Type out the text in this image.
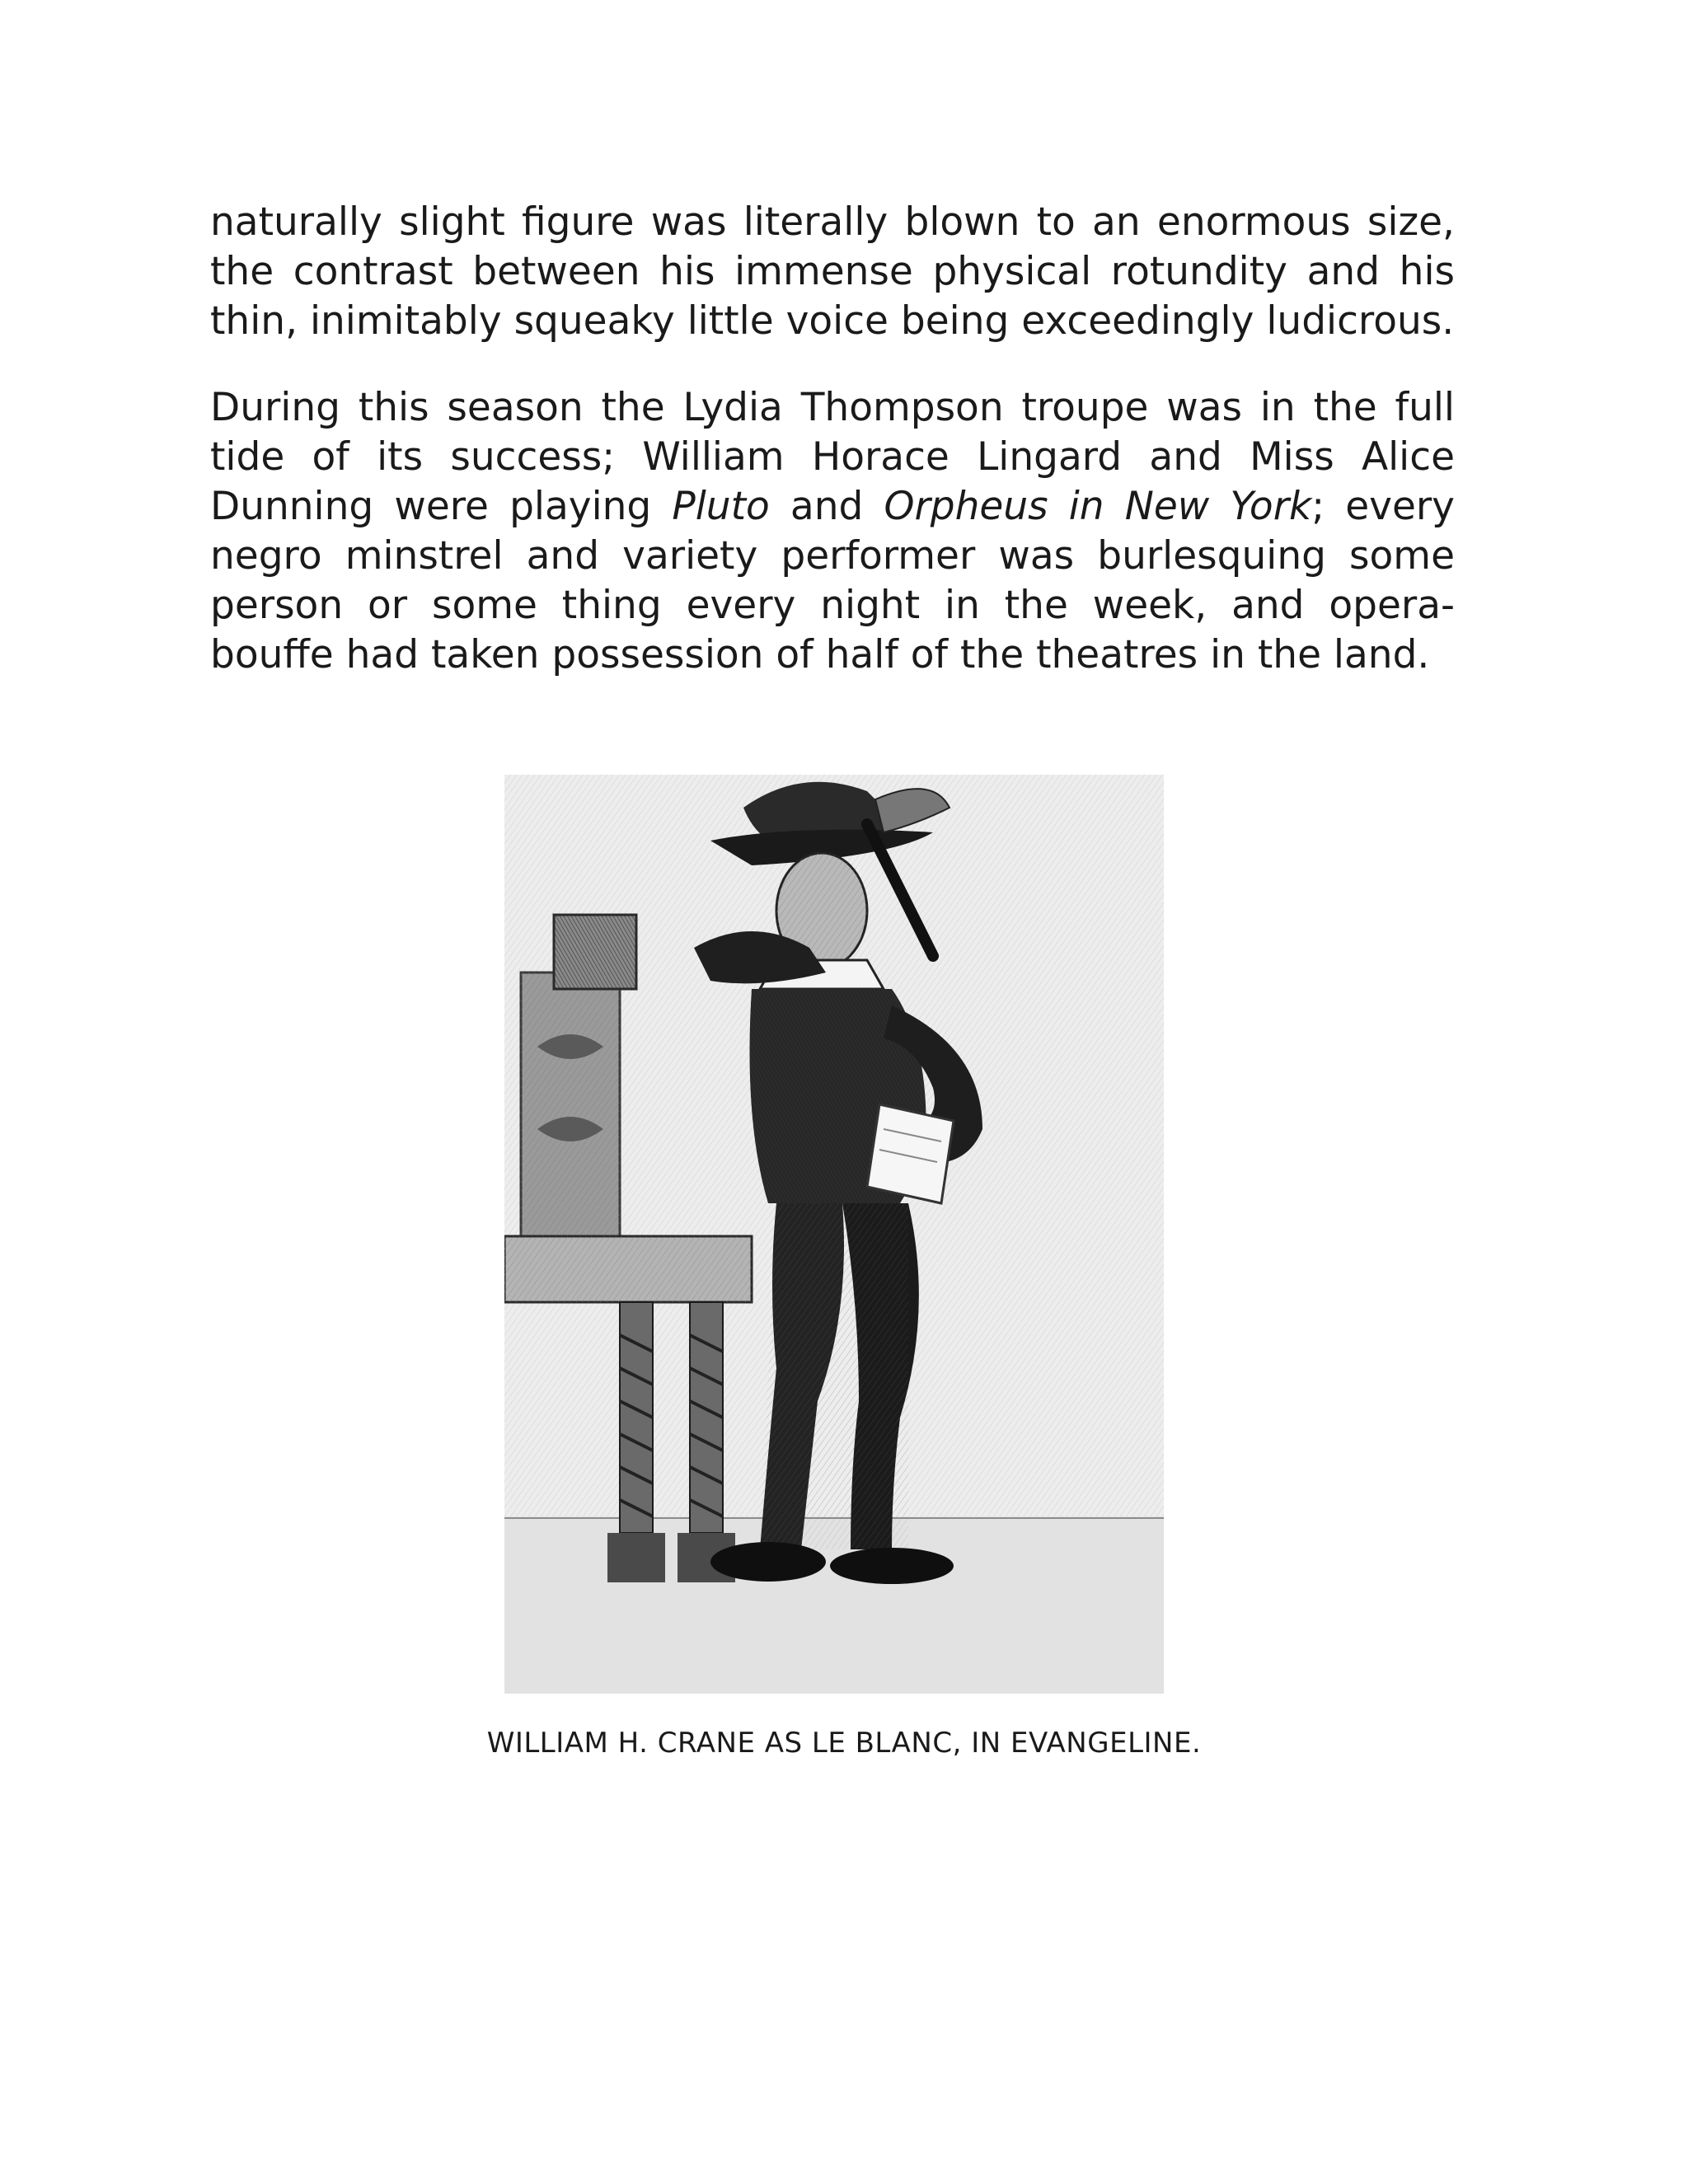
naturally slight figure was literally blown to an enormous size, the contrast between his immense physical rotundity and his thin, inimitably squeaky little voice being exceedingly ludicrous.

During this season the Lydia Thompson troupe was in the full tide of its success; William Horace Lingard and Miss Alice Dunning were playing Pluto and Orpheus in New York; every negro minstrel and variety performer was burlesquing some person or some thing every night in the week, and opera-bouffe had taken possession of half of the theatres in the land.

WILLIAM H. CRANE AS LE BLANC, IN EVANGELINE.
